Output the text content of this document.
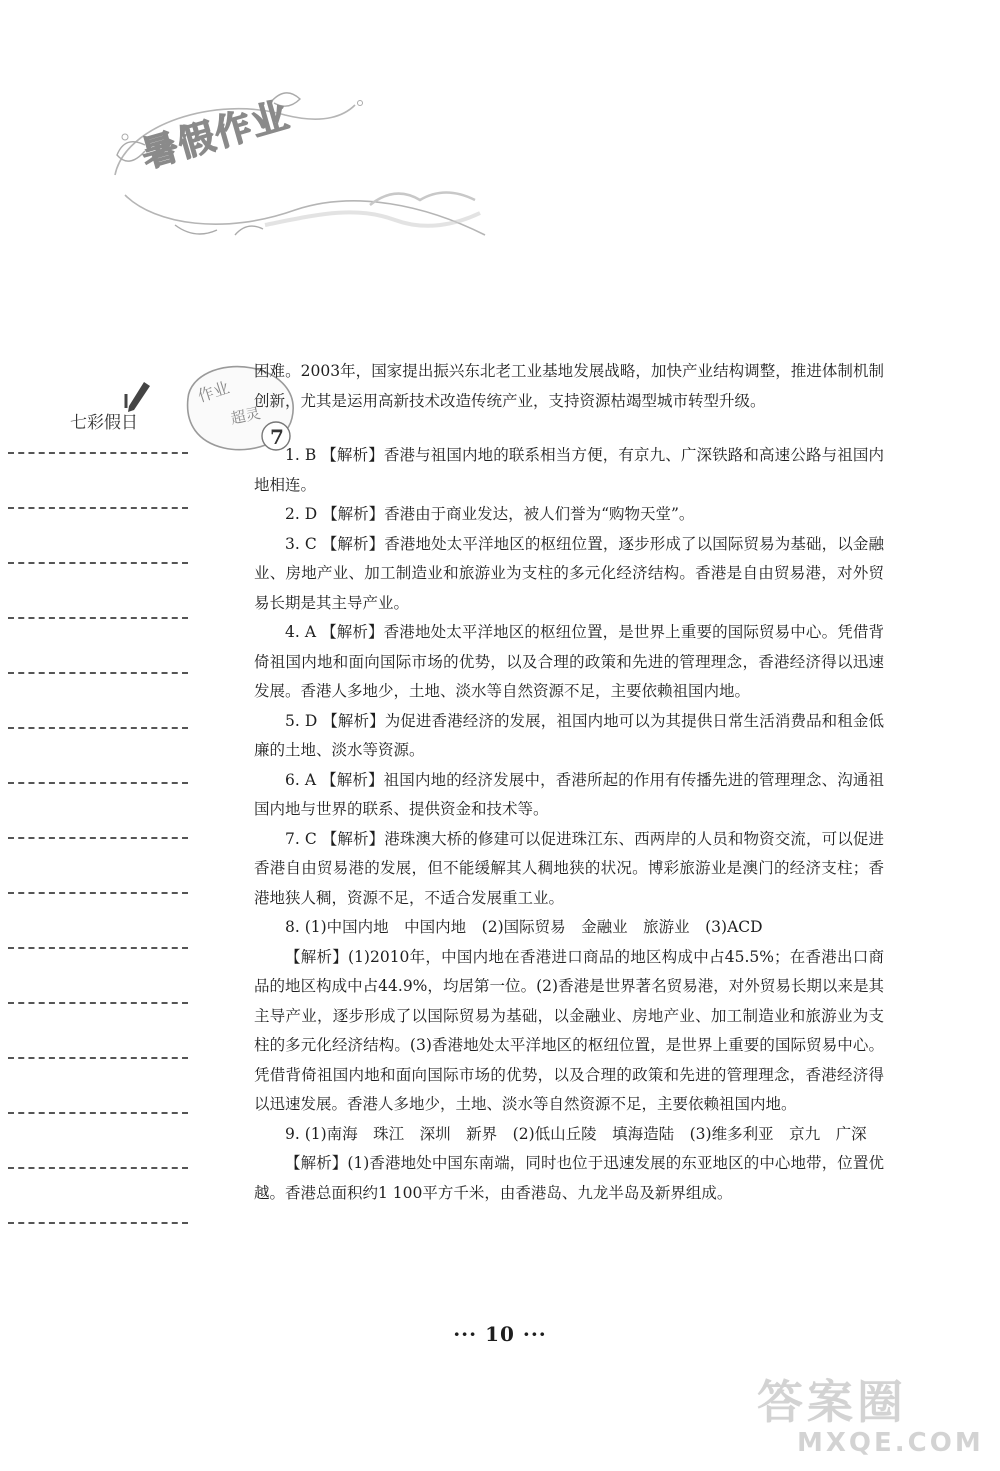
暑假作业
七彩假日
作业
超灵
7

困难。2003年，国家提出振兴东北老工业基地发展战略，加快产业结构调整，推进体制机制创新，尤其是运用高新技术改造传统产业，支持资源枯竭型城市转型升级。

1. B 【解析】香港与祖国内地的联系相当方便，有京九、广深铁路和高速公路与祖国内地相连。

2. D 【解析】香港由于商业发达，被人们誉为“购物天堂”。

3. C 【解析】香港地处太平洋地区的枢纽位置，逐步形成了以国际贸易为基础，以金融业、房地产业、加工制造业和旅游业为支柱的多元化经济结构。香港是自由贸易港，对外贸易长期是其主导产业。

4. A 【解析】香港地处太平洋地区的枢纽位置，是世界上重要的国际贸易中心。凭借背倚祖国内地和面向国际市场的优势，以及合理的政策和先进的管理理念，香港经济得以迅速发展。香港人多地少，土地、淡水等自然资源不足，主要依赖祖国内地。

5. D 【解析】为促进香港经济的发展，祖国内地可以为其提供日常生活消费品和租金低廉的土地、淡水等资源。

6. A 【解析】祖国内地的经济发展中，香港所起的作用有传播先进的管理理念、沟通祖国内地与世界的联系、提供资金和技术等。

7. C 【解析】港珠澳大桥的修建可以促进珠江东、西两岸的人员和物资交流，可以促进香港自由贸易港的发展，但不能缓解其人稠地狭的状况。博彩旅游业是澳门的经济支柱；香港地狭人稠，资源不足，不适合发展重工业。

8. (1)中国内地　中国内地　(2)国际贸易　金融业　旅游业　(3)ACD

【解析】(1)2010年，中国内地在香港进口商品的地区构成中占45.5%；在香港出口商品的地区构成中占44.9%，均居第一位。(2)香港是世界著名贸易港，对外贸易长期以来是其主导产业，逐步形成了以国际贸易为基础，以金融业、房地产业、加工制造业和旅游业为支柱的多元化经济结构。(3)香港地处太平洋地区的枢纽位置，是世界上重要的国际贸易中心。凭借背倚祖国内地和面向国际市场的优势，以及合理的政策和先进的管理理念，香港经济得以迅速发展。香港人多地少，土地、淡水等自然资源不足，主要依赖祖国内地。

9. (1)南海　珠江　深圳　新界　(2)低山丘陵　填海造陆　(3)维多利亚　京九　广深

【解析】(1)香港地处中国东南端，同时也位于迅速发展的东亚地区的中心地带，位置优越。香港总面积约1 100平方千米，由香港岛、九龙半岛及新界组成。

··· 10 ···
答案圈
MXQE.COM
